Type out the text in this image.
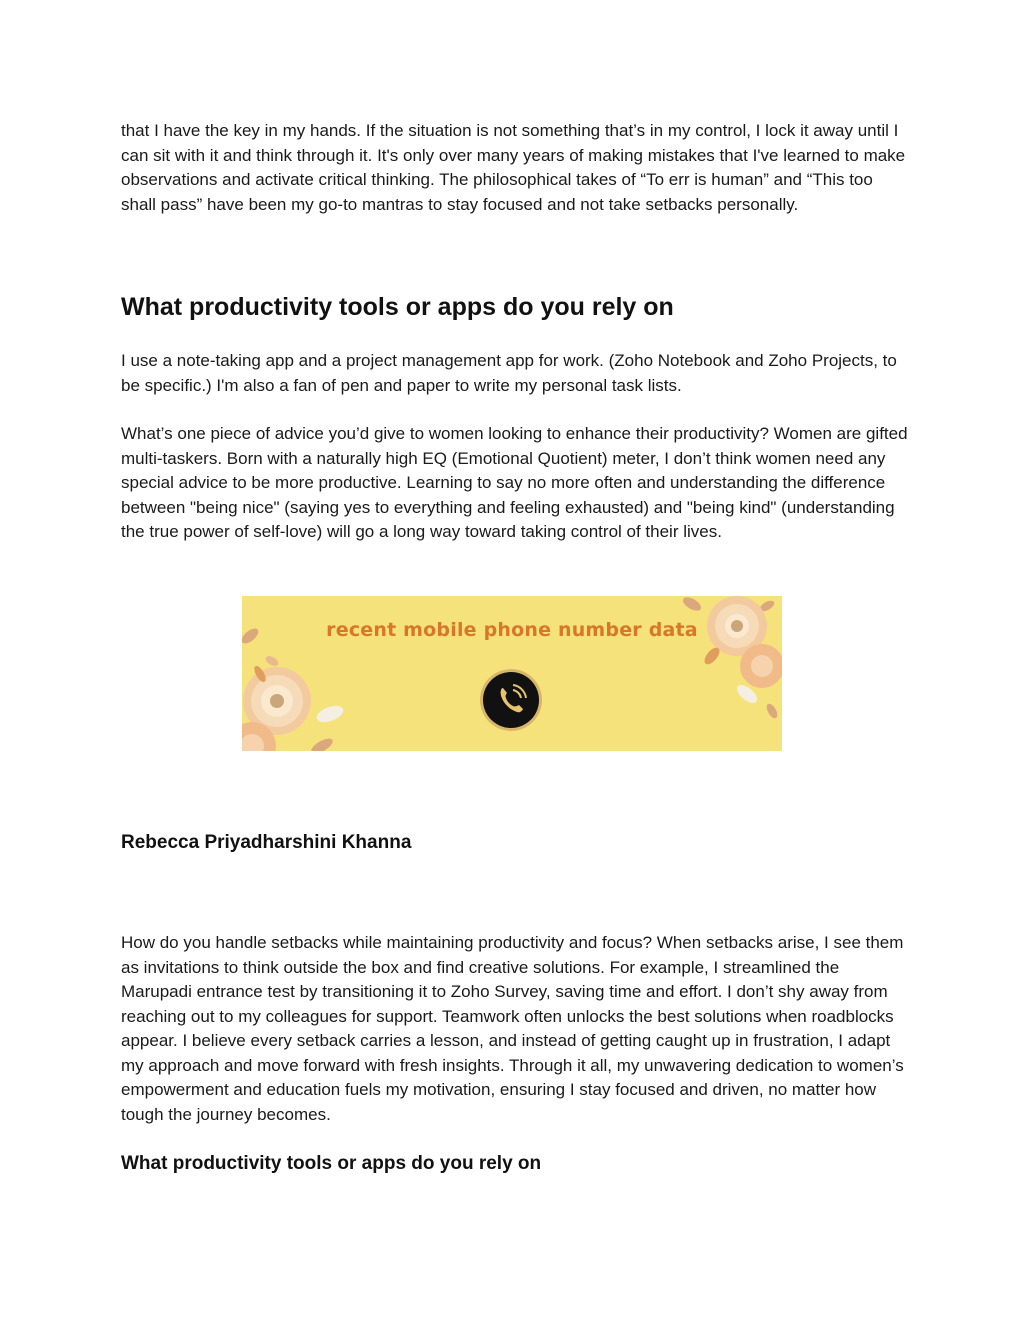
that I have the key in my hands. If the situation is not something that’s in my control, I lock it away until I can sit with it and think through it. It's only over many years of making mistakes that I've learned to make observations and activate critical thinking. The philosophical takes of “To err is human” and “This too shall pass” have been my go-to mantras to stay focused and not take setbacks personally.

What productivity tools or apps do you rely on

I use a note-taking app and a project management app for work. (Zoho Notebook and Zoho Projects, to be specific.) I'm also a fan of pen and paper to write my personal task lists.

What’s one piece of advice you’d give to women looking to enhance their productivity? Women are gifted multi-taskers. Born with a naturally high EQ (Emotional Quotient) meter, I don’t think women need any special advice to be more productive. Learning to say no more often and understanding the difference between "being nice" (saying yes to everything and feeling exhausted) and "being kind" (understanding the true power of self-love) will go a long way toward taking control of their lives.

Rebecca Priyadharshini Khanna

How do you handle setbacks while maintaining productivity and focus? When setbacks arise, I see them as invitations to think outside the box and find creative solutions. For example, I streamlined the Marupadi entrance test by transitioning it to Zoho Survey, saving time and effort. I don’t shy away from reaching out to my colleagues for support. Teamwork often unlocks the best solutions when roadblocks appear. I believe every setback carries a lesson, and instead of getting caught up in frustration, I adapt my approach and move forward with fresh insights. Through it all, my unwavering dedication to women’s empowerment and education fuels my motivation, ensuring I stay focused and driven, no matter how tough the journey becomes.

What productivity tools or apps do you rely on
recent mobile phone number data
